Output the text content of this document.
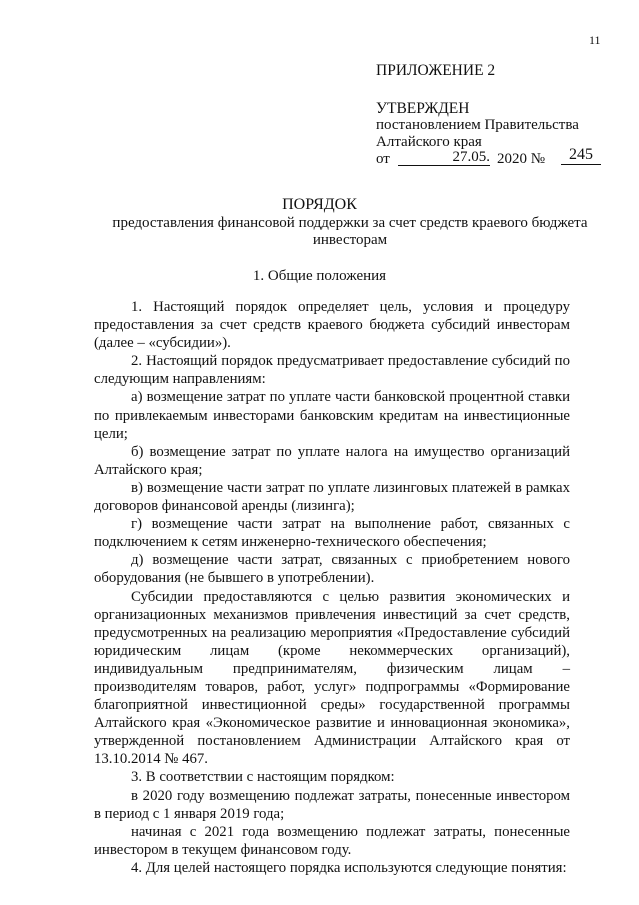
11
ПРИЛОЖЕНИЕ 2
УТВЕРЖДЕН
постановлением Правительства
Алтайского края
от	27.05. 2020 №	245
ПОРЯДОК
предоставления финансовой поддержки за счет средств краевого бюджета инвесторам
1. Общие положения

1. Настоящий порядок определяет цель, условия и процедуру предоставления за счет средств краевого бюджета субсидий инвесторам (далее – «субсидии»).

2. Настоящий порядок предусматривает предоставление субсидий по следующим направлениям:

а) возмещение затрат по уплате части банковской процентной ставки по привлекаемым инвесторами банковским кредитам на инвестиционные цели;

б) возмещение затрат по уплате налога на имущество организаций Алтайского края;

в) возмещение части затрат по уплате лизинговых платежей в рамках договоров финансовой аренды (лизинга);

г) возмещение части затрат на выполнение работ, связанных с подключением к сетям инженерно-технического обеспечения;

д) возмещение части затрат, связанных с приобретением нового оборудования (не бывшего в употреблении).

Субсидии предоставляются с целью развития экономических и организационных механизмов привлечения инвестиций за счет средств, предусмотренных на реализацию мероприятия «Предоставление субсидий юридическим лицам (кроме некоммерческих организаций), индивидуальным предпринимателям, физическим лицам – производителям товаров, работ, услуг» подпрограммы «Формирование благоприятной инвестиционной среды» государственной программы Алтайского края «Экономическое развитие и инновационная экономика», утвержденной постановлением Администрации Алтайского края от 13.10.2014 № 467.

3. В соответствии с настоящим порядком:

в 2020 году возмещению подлежат затраты, понесенные инвестором в период с 1 января 2019 года;

начиная с 2021 года возмещению подлежат затраты, понесенные инвестором в текущем финансовом году.

4. Для целей настоящего порядка используются следующие понятия:
